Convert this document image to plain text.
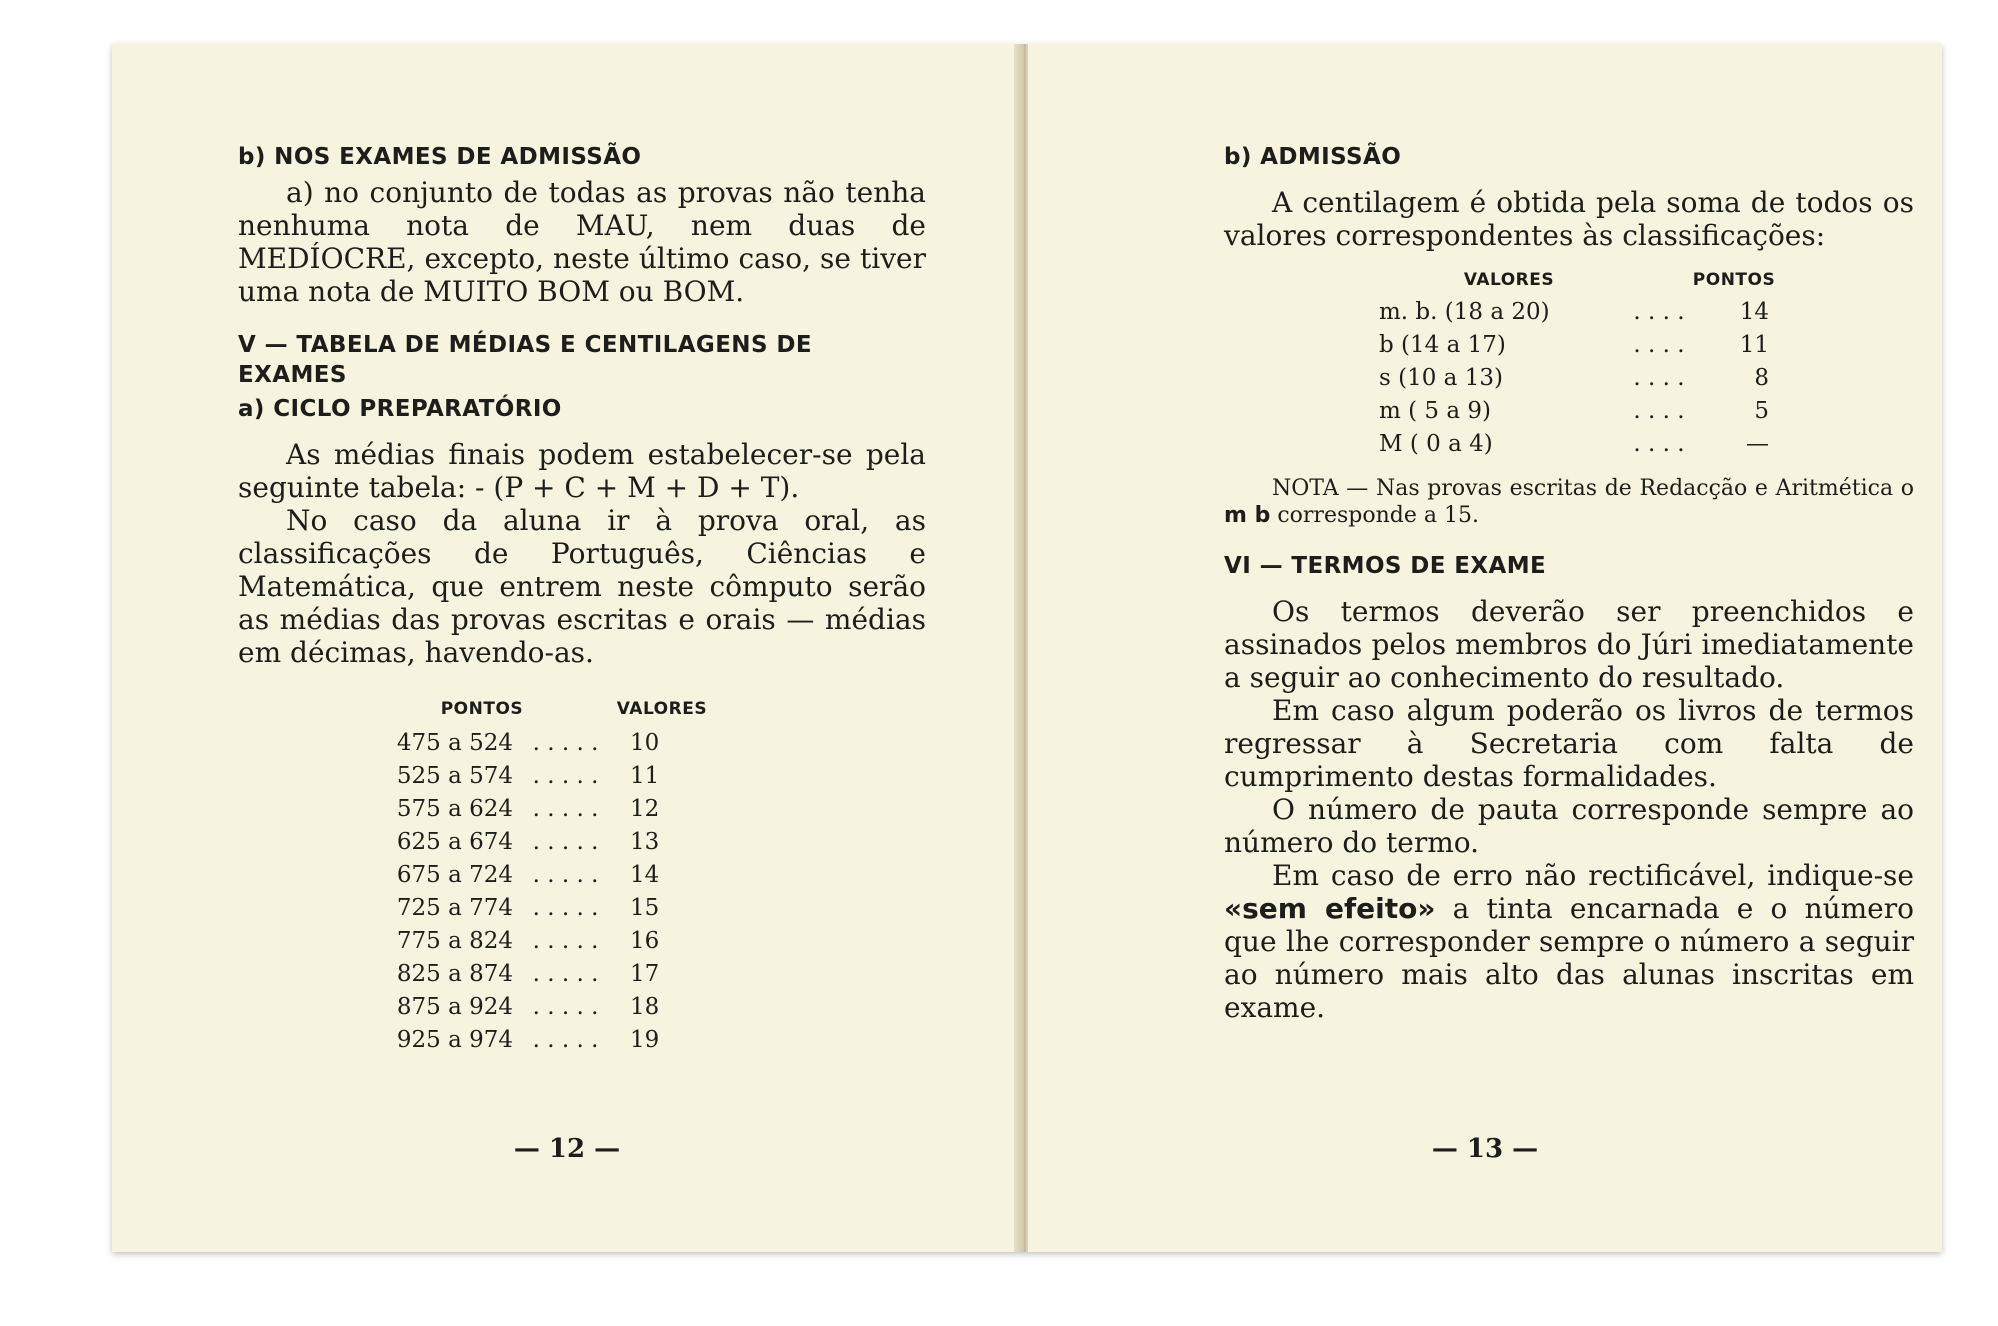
b) NOS EXAMES DE ADMISSÃO

a) no conjunto de todas as provas não tenha nenhuma nota de MAU, nem duas de MEDÍOCRE, excepto, neste último caso, se tiver uma nota de MUITO BOM ou BOM.

V — TABELA DE MÉDIAS E CENTILAGENS DE EXAMES

a) CICLO PREPARATÓRIO

As médias finais podem estabelecer-se pela seguinte tabela: - (P + C + M + D + T).

No caso da aluna ir à prova oral, as classificações de Português, Ciências e Matemática, que entrem neste cômputo serão as médias das provas escritas e orais — médias em décimas, havendo-as.

PONTOS	VALORES
475 a 524 . . . . .	10
525 a 574 . . . . .	11
575 a 624 . . . . .	12
625 a 674 . . . . .	13
675 a 724 . . . . .	14
725 a 774 . . . . .	15
775 a 824 . . . . .	16
825 a 874 . . . . .	17
875 a 924 . . . . .	18
925 a 974 . . . . .	19
— 12 —

b) ADMISSÃO

A centilagem é obtida pela soma de todos os valores correspondentes às classificações:

VALORES	PONTOS
m. b. (18 a 20)	. . . .	14
b (14 a 17)	. . . .	11
s (10 a 13)	. . . .	8
m ( 5 a 9)	. . . .	5
M ( 0 a 4)	. . . .	—

NOTA — Nas provas escritas de Redacção e Aritmética o m b corresponde a 15.

VI — TERMOS DE EXAME

Os termos deverão ser preenchidos e assinados pelos membros do Júri imediatamente a seguir ao conhecimento do resultado.

Em caso algum poderão os livros de termos regressar à Secretaria com falta de cumprimento destas formalidades.

O número de pauta corresponde sempre ao número do termo.

Em caso de erro não rectificável, indique-se «sem efeito» a tinta encarnada e o número que lhe corresponder sempre o número a seguir ao número mais alto das alunas inscritas em exame.

— 13 —
